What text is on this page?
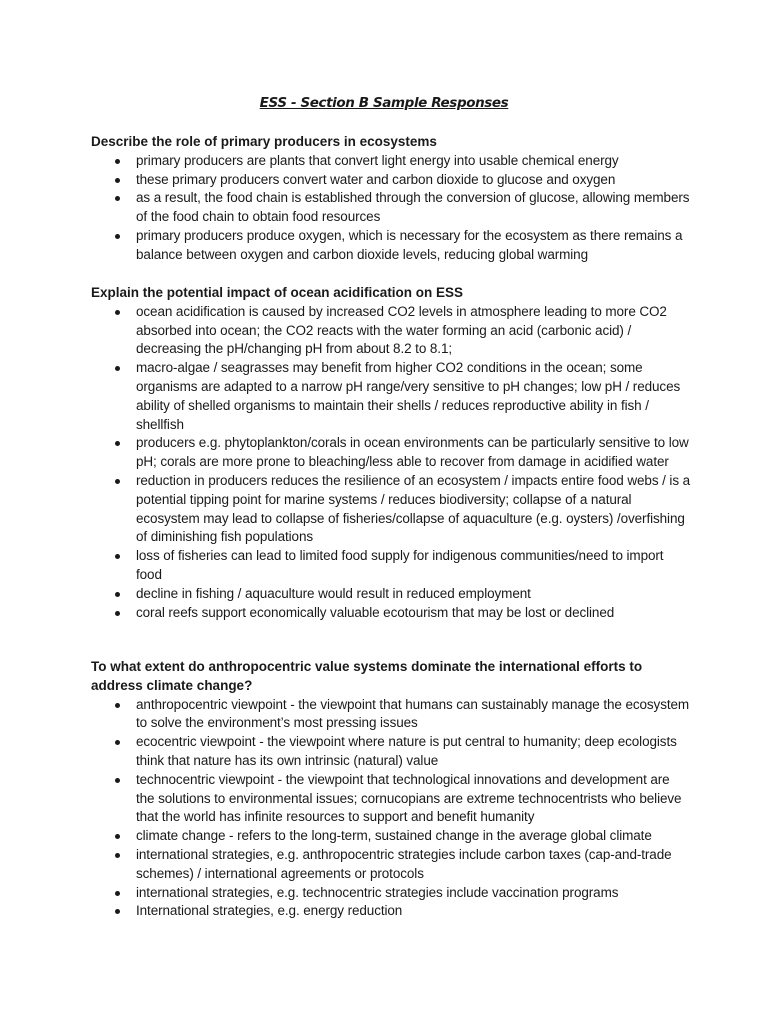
ESS - Section B Sample Responses

Describe the role of primary producers in ecosystems

primary producers are plants that convert light energy into usable chemical energy
these primary producers convert water and carbon dioxide to glucose and oxygen
as a result, the food chain is established through the conversion of glucose, allowing members of the food chain to obtain food resources
primary producers produce oxygen, which is necessary for the ecosystem as there remains a balance between oxygen and carbon dioxide levels, reducing global warming

Explain the potential impact of ocean acidification on ESS

ocean acidification is caused by increased CO2 levels in atmosphere leading to more CO2 absorbed into ocean; the CO2 reacts with the water forming an acid (carbonic acid) / decreasing the pH/changing pH from about 8.2 to 8.1;
macro-algae / seagrasses may benefit from higher CO2 conditions in the ocean; some organisms are adapted to a narrow pH range/very sensitive to pH changes; low pH / reduces ability of shelled organisms to maintain their shells / reduces reproductive ability in fish / shellfish
producers e.g. phytoplankton/corals in ocean environments can be particularly sensitive to low pH; corals are more prone to bleaching/less able to recover from damage in acidified water
reduction in producers reduces the resilience of an ecosystem / impacts entire food webs / is a potential tipping point for marine systems / reduces biodiversity; collapse of a natural ecosystem may lead to collapse of fisheries/collapse of aquaculture (e.g. oysters) /overfishing of diminishing fish populations
loss of fisheries can lead to limited food supply for indigenous communities/need to import food
decline in fishing / aquaculture would result in reduced employment
coral reefs support economically valuable ecotourism that may be lost or declined

To what extent do anthropocentric value systems dominate the international efforts to address climate change?

anthropocentric viewpoint - the viewpoint that humans can sustainably manage the ecosystem to solve the environment’s most pressing issues
ecocentric viewpoint - the viewpoint where nature is put central to humanity; deep ecologists think that nature has its own intrinsic (natural) value
technocentric viewpoint - the viewpoint that technological innovations and development are the solutions to environmental issues; cornucopians are extreme technocentrists who believe that the world has infinite resources to support and benefit humanity
climate change - refers to the long-term, sustained change in the average global climate
international strategies, e.g. anthropocentric strategies include carbon taxes (cap-and-trade schemes) / international agreements or protocols
international strategies, e.g. technocentric strategies include vaccination programs
International strategies, e.g. energy reduction
